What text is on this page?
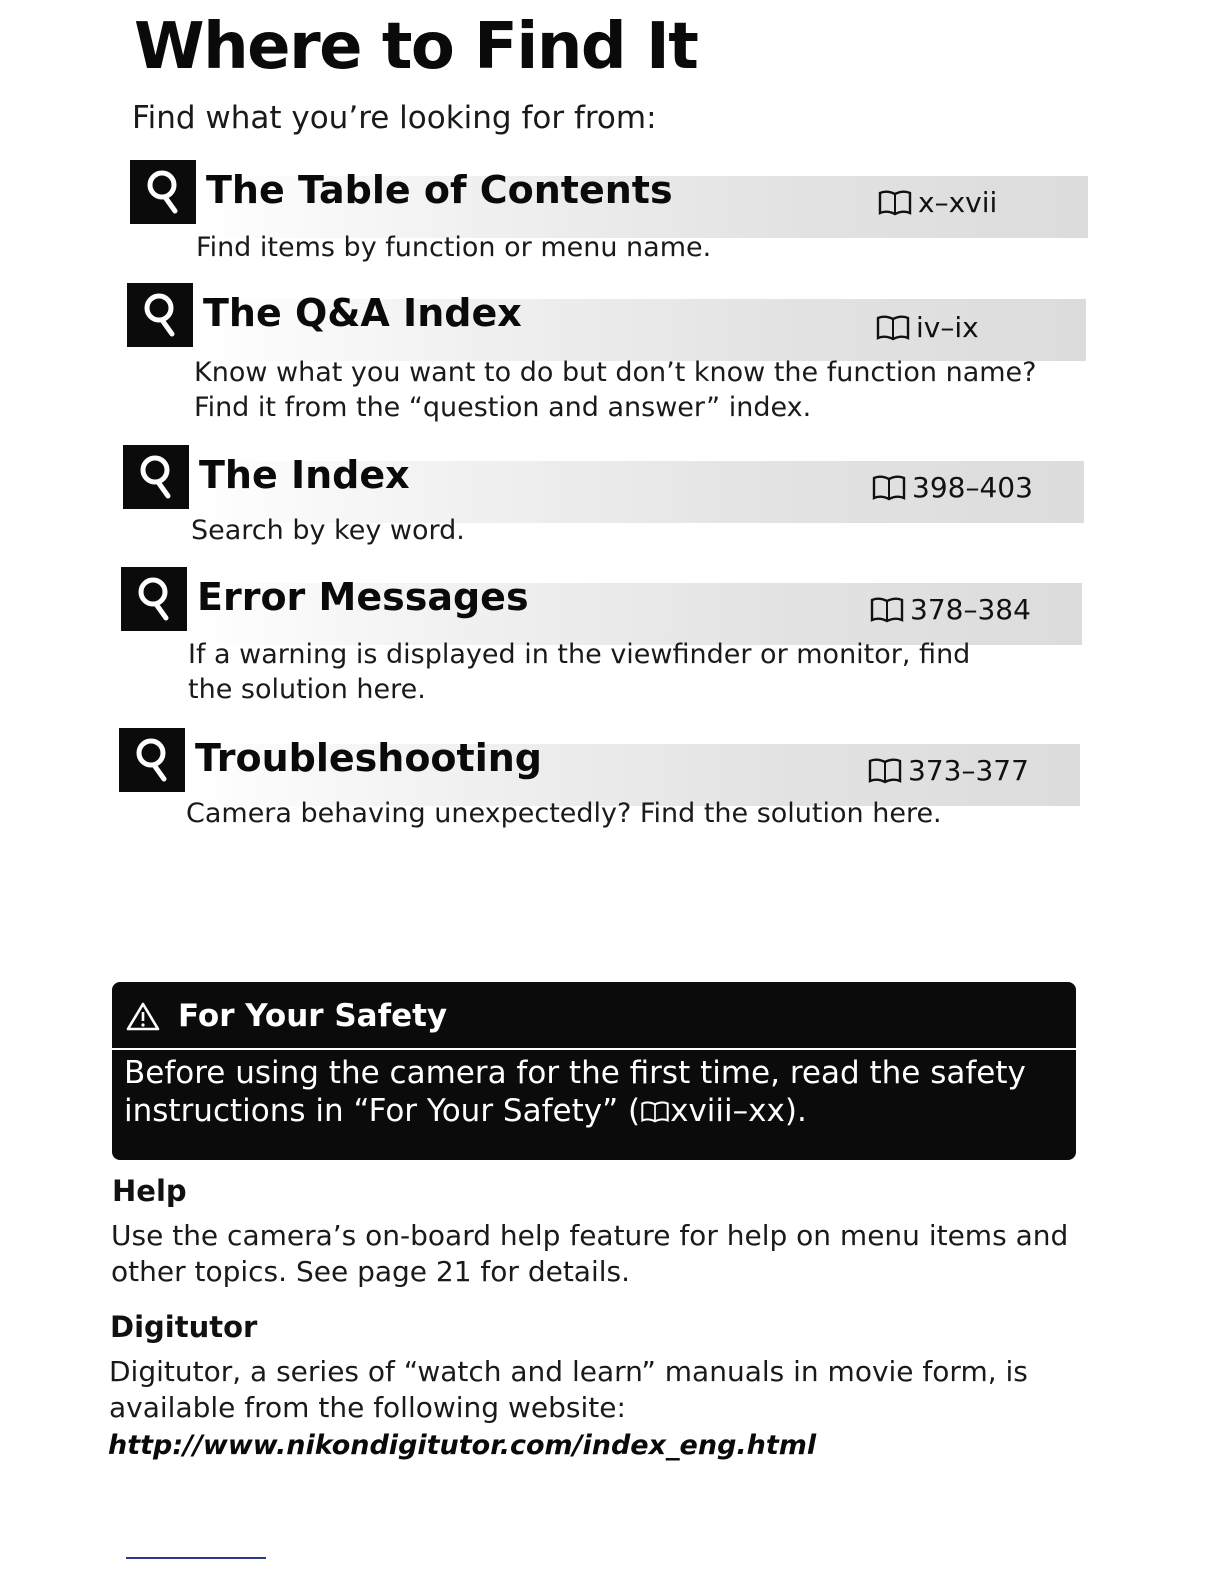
Where to Find It

Find what you’re looking for from:

The Table of Contents	x–xvii
Find items by function or menu name.
The Q&A Index	iv–ix
Know what you want to do but don’t know the function name? Find it from the “question and answer” index.
The Index	398–403
Search by key word.
Error Messages	378–384
If a warning is displayed in the viewfinder or monitor, find the solution here.
Troubleshooting	373–377
Camera behaving unexpectedly? Find the solution here.
For Your Safety
Before using the camera for the first time, read the safety instructions in “For Your Safety” ( xviii–xx).
Help
Use the camera’s on-board help feature for help on menu items and other topics. See page 21 for details.
Digitutor
Digitutor, a series of “watch and learn” manuals in movie form, is available from the following website:
http://www.nikondigitutor.com/index_eng.html
